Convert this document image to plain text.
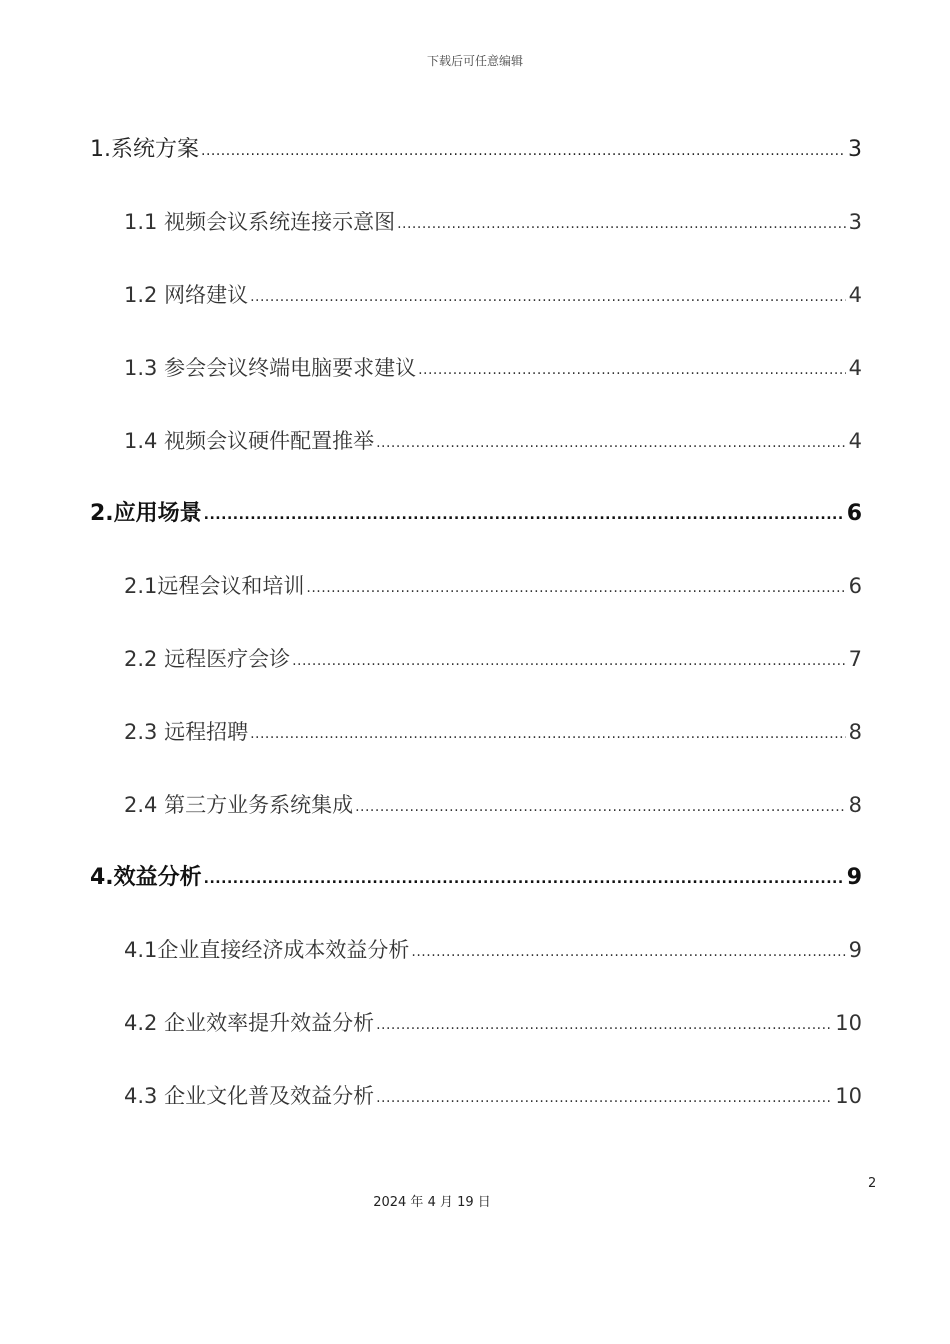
下载后可任意编辑
1.系统方案 .....	3
1.1 视频会议系统连接示意图 .....	3
1.2 网络建议 .....	4
1.3 参会会议终端电脑要求建议 .....	4
1.4 视频会议硬件配置推举 .....	4
2.应用场景 .....	6
2.1远程会议和培训 .....	6
2.2 远程医疗会诊 .....	7
2.3 远程招聘 .....	8
2.4 第三方业务系统集成 .....	8
4.效益分析 .....	9
4.1企业直接经济成本效益分析 .....	9
4.2 企业效率提升效益分析 .....	10
4.3 企业文化普及效益分析 .....	10
2
2024 年 4 月 19 日
